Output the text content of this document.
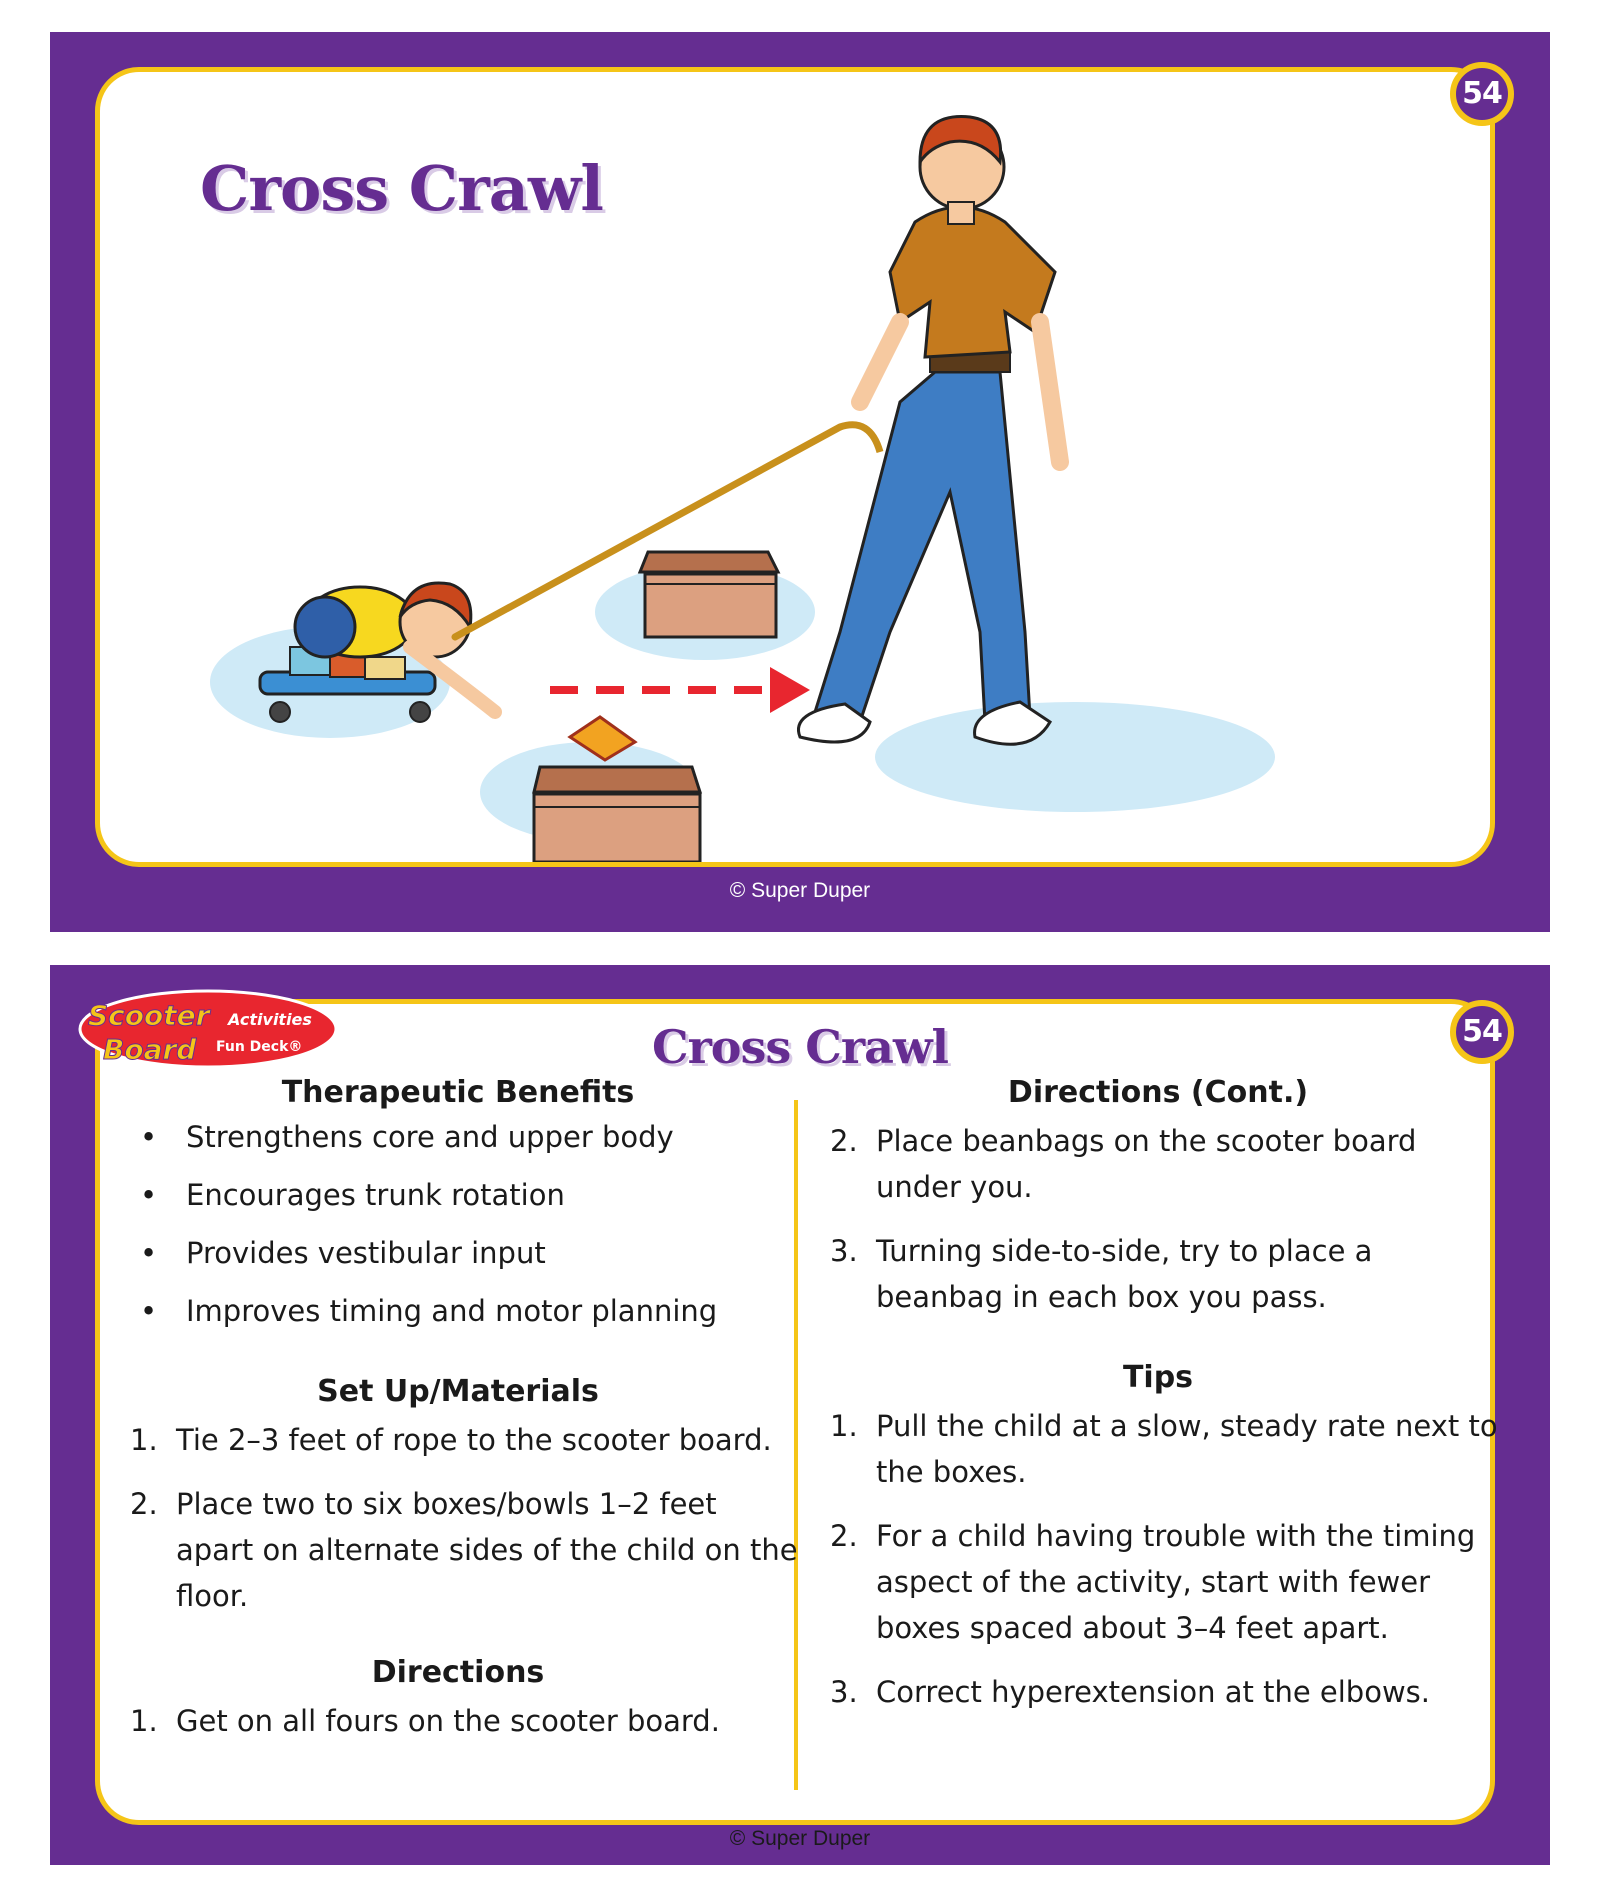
Cross Crawl
54
© Super Duper
Scooter
Board
Activities
Fun Deck®	54
Cross Crawl

Therapeutic Benefits

• Strengthens core and upper body
• Encourages trunk rotation
• Provides vestibular input
• Improves timing and motor planning

Set Up/Materials

1. Tie 2–3 feet of rope to the scooter board.
2. Place two to six boxes/bowls 1–2 feet apart on alternate sides of the child on the floor.

Directions

1. Get on all fours on the scooter board.

Directions (Cont.)

2. Place beanbags on the scooter board under you.
3. Turning side-to-side, try to place a beanbag in each box you pass.

Tips

1. Pull the child at a slow, steady rate next to the boxes.
2. For a child having trouble with the timing aspect of the activity, start with fewer boxes spaced about 3–4 feet apart.
3. Correct hyperextension at the elbows.
© Super Duper
